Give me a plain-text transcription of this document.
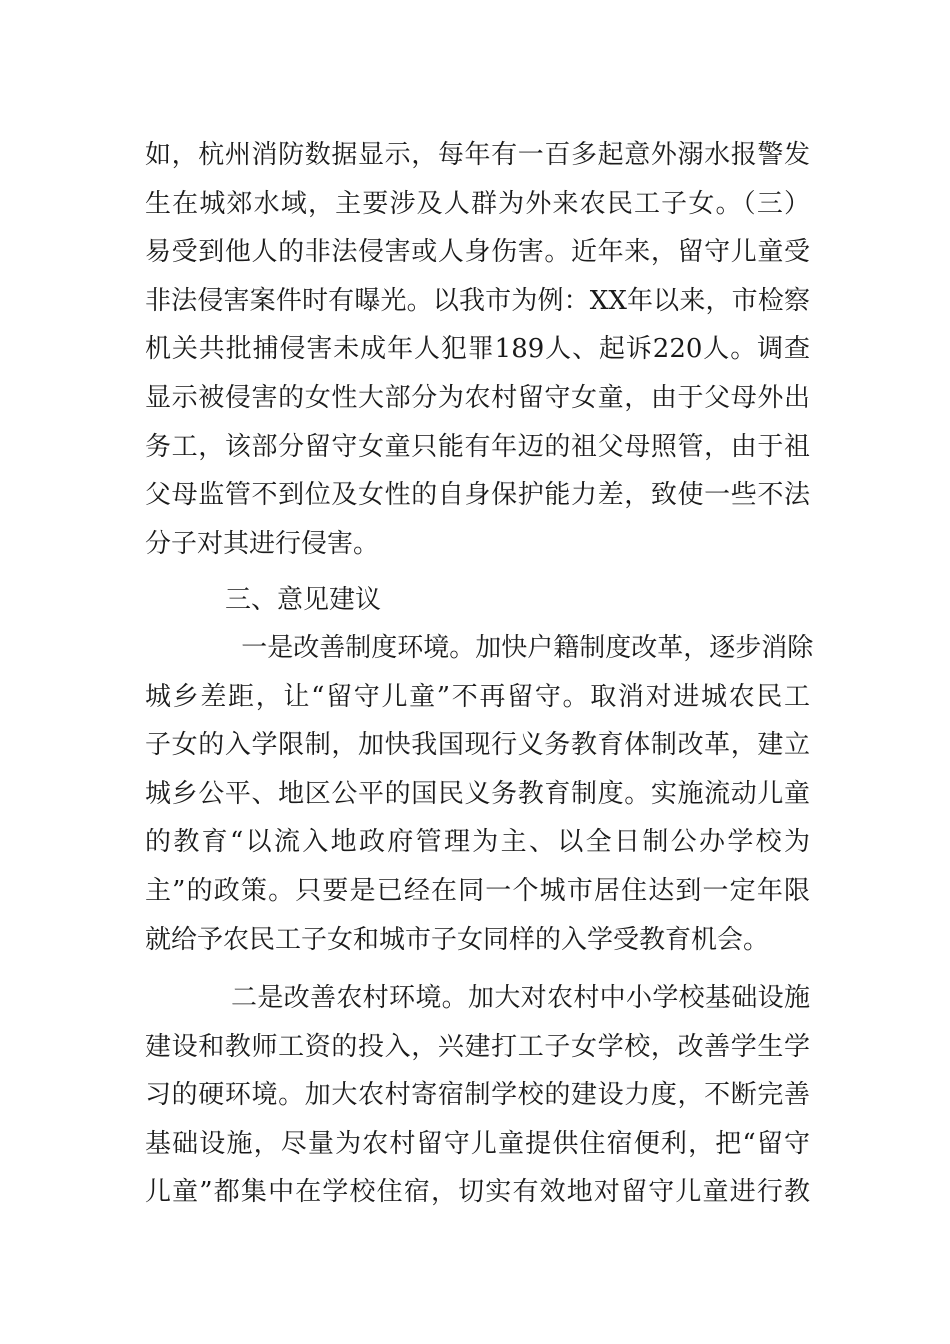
如，杭州消防数据显示，每年有一百多起意外溺水报警发
生在城郊水域，主要涉及人群为外来农民工子女。（三）
易受到他人的非法侵害或人身伤害。近年来，留守儿童受
非法侵害案件时有曝光。以我市为例：XX年以来，市检察
机关共批捕侵害未成年人犯罪189人、起诉220人。调查
显示被侵害的女性大部分为农村留守女童，由于父母外出
务工，该部分留守女童只能有年迈的祖父母照管，由于祖
父母监管不到位及女性的自身保护能力差，致使一些不法
分子对其进行侵害。
三、意见建议
一是改善制度环境。加快户籍制度改革，逐步消除
城乡差距，让“留守儿童”不再留守。取消对进城农民工
子女的入学限制，加快我国现行义务教育体制改革，建立
城乡公平、地区公平的国民义务教育制度。实施流动儿童
的教育“以流入地政府管理为主、以全日制公办学校为
主”的政策。只要是已经在同一个城市居住达到一定年限
就给予农民工子女和城市子女同样的入学受教育机会。
二是改善农村环境。加大对农村中小学校基础设施
建设和教师工资的投入，兴建打工子女学校，改善学生学
习的硬环境。加大农村寄宿制学校的建设力度，不断完善
基础设施，尽量为农村留守儿童提供住宿便利，把“留守
儿童”都集中在学校住宿，切实有效地对留守儿童进行教
